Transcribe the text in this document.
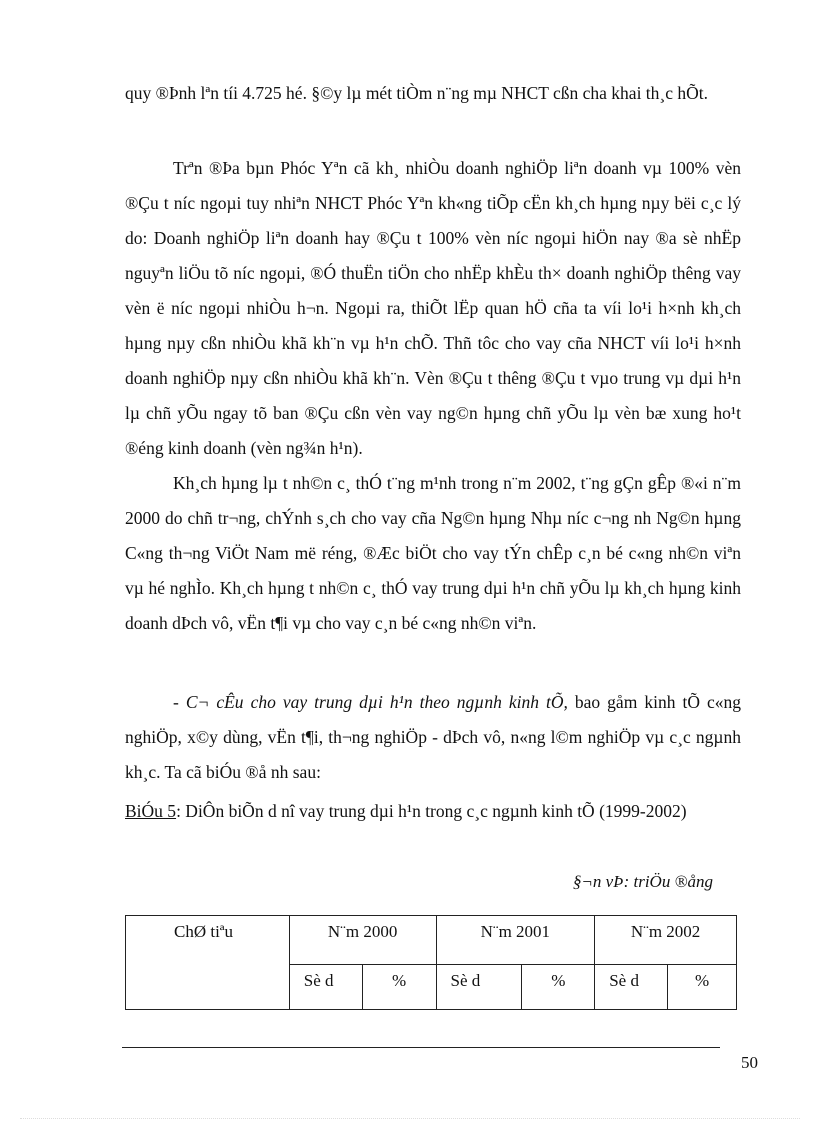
quy ®Þnh lªn tíi 4.725 hé. §©y lµ mét tiÒm n¨ng mµ NHCT cßn cha khai th¸c hÕt.

Trªn ®Þa bµn Phóc Yªn cã kh¸ nhiÒu doanh nghiÖp liªn doanh vµ 100% vèn ®Çu t níc ngoµi tuy nhiªn NHCT Phóc Yªn kh«ng tiÕp cËn kh¸ch hµng nµy bëi c¸c lý do: Doanh nghiÖp liªn doanh hay ®Çu t 100% vèn níc ngoµi hiÖn nay ®a sè nhËp nguyªn liÖu tõ níc ngoµi, ®Ó thuËn tiÖn cho nhËp khÈu th× doanh nghiÖp thêng vay vèn ë níc ngoµi nhiÒu h¬n. Ngoµi ra, thiÕt lËp quan hÖ cña ta víi lo¹i h×nh kh¸ch hµng nµy cßn nhiÒu khã kh¨n vµ h¹n chÕ. Thñ tôc cho vay cña NHCT víi lo¹i h×nh doanh nghiÖp nµy cßn nhiÒu khã kh¨n. Vèn ®Çu t thêng ®Çu t vµo trung vµ dµi h¹n lµ chñ yÕu ngay tõ ban ®Çu cßn vèn vay ng©n hµng chñ yÕu lµ vèn bæ xung ho¹t ®éng kinh doanh (vèn ng¾n h¹n).

Kh¸ch hµng lµ t nh©n c¸ thÓ t¨ng m¹nh trong n¨m 2002, t¨ng gÇn gÊp ®«i n¨m 2000 do chñ tr¬ng, chÝnh s¸ch cho vay cña Ng©n hµng Nhµ níc c¬ng nh Ng©n hµng C«ng th¬ng ViÖt Nam më réng, ®Æc biÖt cho vay tÝn chÊp c¸n bé c«ng nh©n viªn vµ hé nghÌo. Kh¸ch hµng t nh©n c¸ thÓ vay trung dµi h¹n chñ yÕu lµ kh¸ch hµng kinh doanh dÞch vô, vËn t¶i vµ cho vay c¸n bé c«ng nh©n viªn.

- C¬ cÊu cho vay trung dµi h¹n theo ngµnh kinh tÕ, bao gåm kinh tÕ c«ng nghiÖp, x©y dùng, vËn t¶i, th¬ng nghiÖp - dÞch vô, n«ng l©m nghiÖp vµ c¸c ngµnh kh¸c. Ta cã biÓu ®å nh sau:

BiÓu 5: DiÔn biÕn d nî vay trung dµi h¹n trong c¸c ngµnh kinh tÕ (1999-2002)

§¬n vÞ: triÖu ®ång
ChØ tiªu	N¨m 2000		N¨m 2001		N¨m 2002	
	Sè d	%	Sè d	%	Sè d	%
50
